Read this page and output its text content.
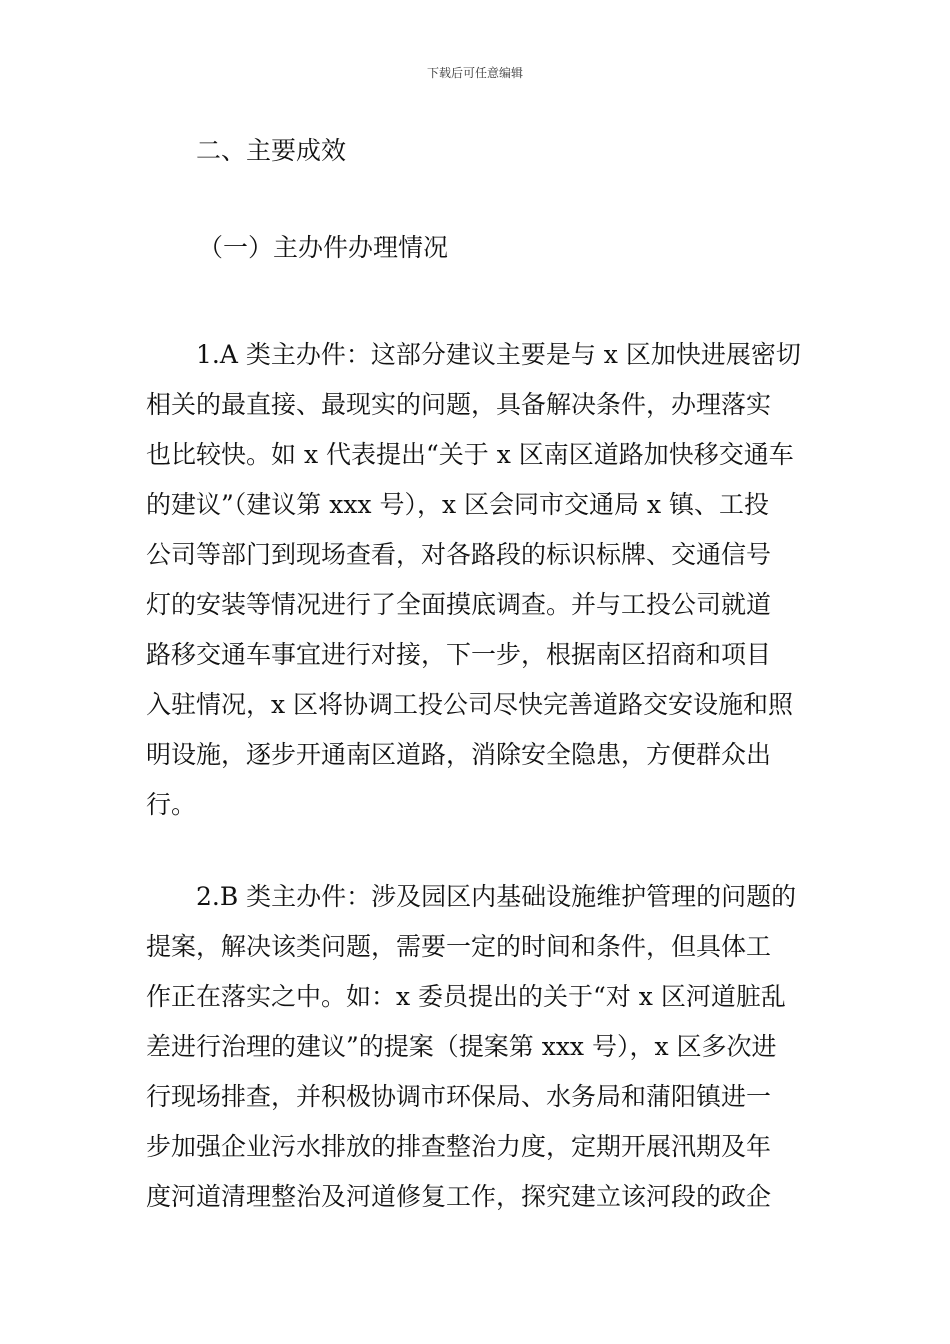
下载后可任意编辑
二、主要成效
（一）主办件办理情况
　　1.A 类主办件：这部分建议主要是与 x 区加快进展密切
相关的最直接、最现实的问题，具备解决条件，办理落实
也比较快。如 x 代表提出“关于 x 区南区道路加快移交通车
的建议”（建议第 xxx 号），x 区会同市交通局 x 镇、工投
公司等部门到现场查看，对各路段的标识标牌、交通信号
灯的安装等情况进行了全面摸底调查。并与工投公司就道
路移交通车事宜进行对接，下一步，根据南区招商和项目
入驻情况，x 区将协调工投公司尽快完善道路交安设施和照
明设施，逐步开通南区道路，消除安全隐患，方便群众出
行。
　　2.B 类主办件：涉及园区内基础设施维护管理的问题的
提案，解决该类问题，需要一定的时间和条件，但具体工
作正在落实之中。如：x 委员提出的关于“对 x 区河道脏乱
差进行治理的建议”的提案（提案第 xxx 号），x 区多次进
行现场排查，并积极协调市环保局、水务局和蒲阳镇进一
步加强企业污水排放的排查整治力度，定期开展汛期及年
度河道清理整治及河道修复工作，探究建立该河段的政企
